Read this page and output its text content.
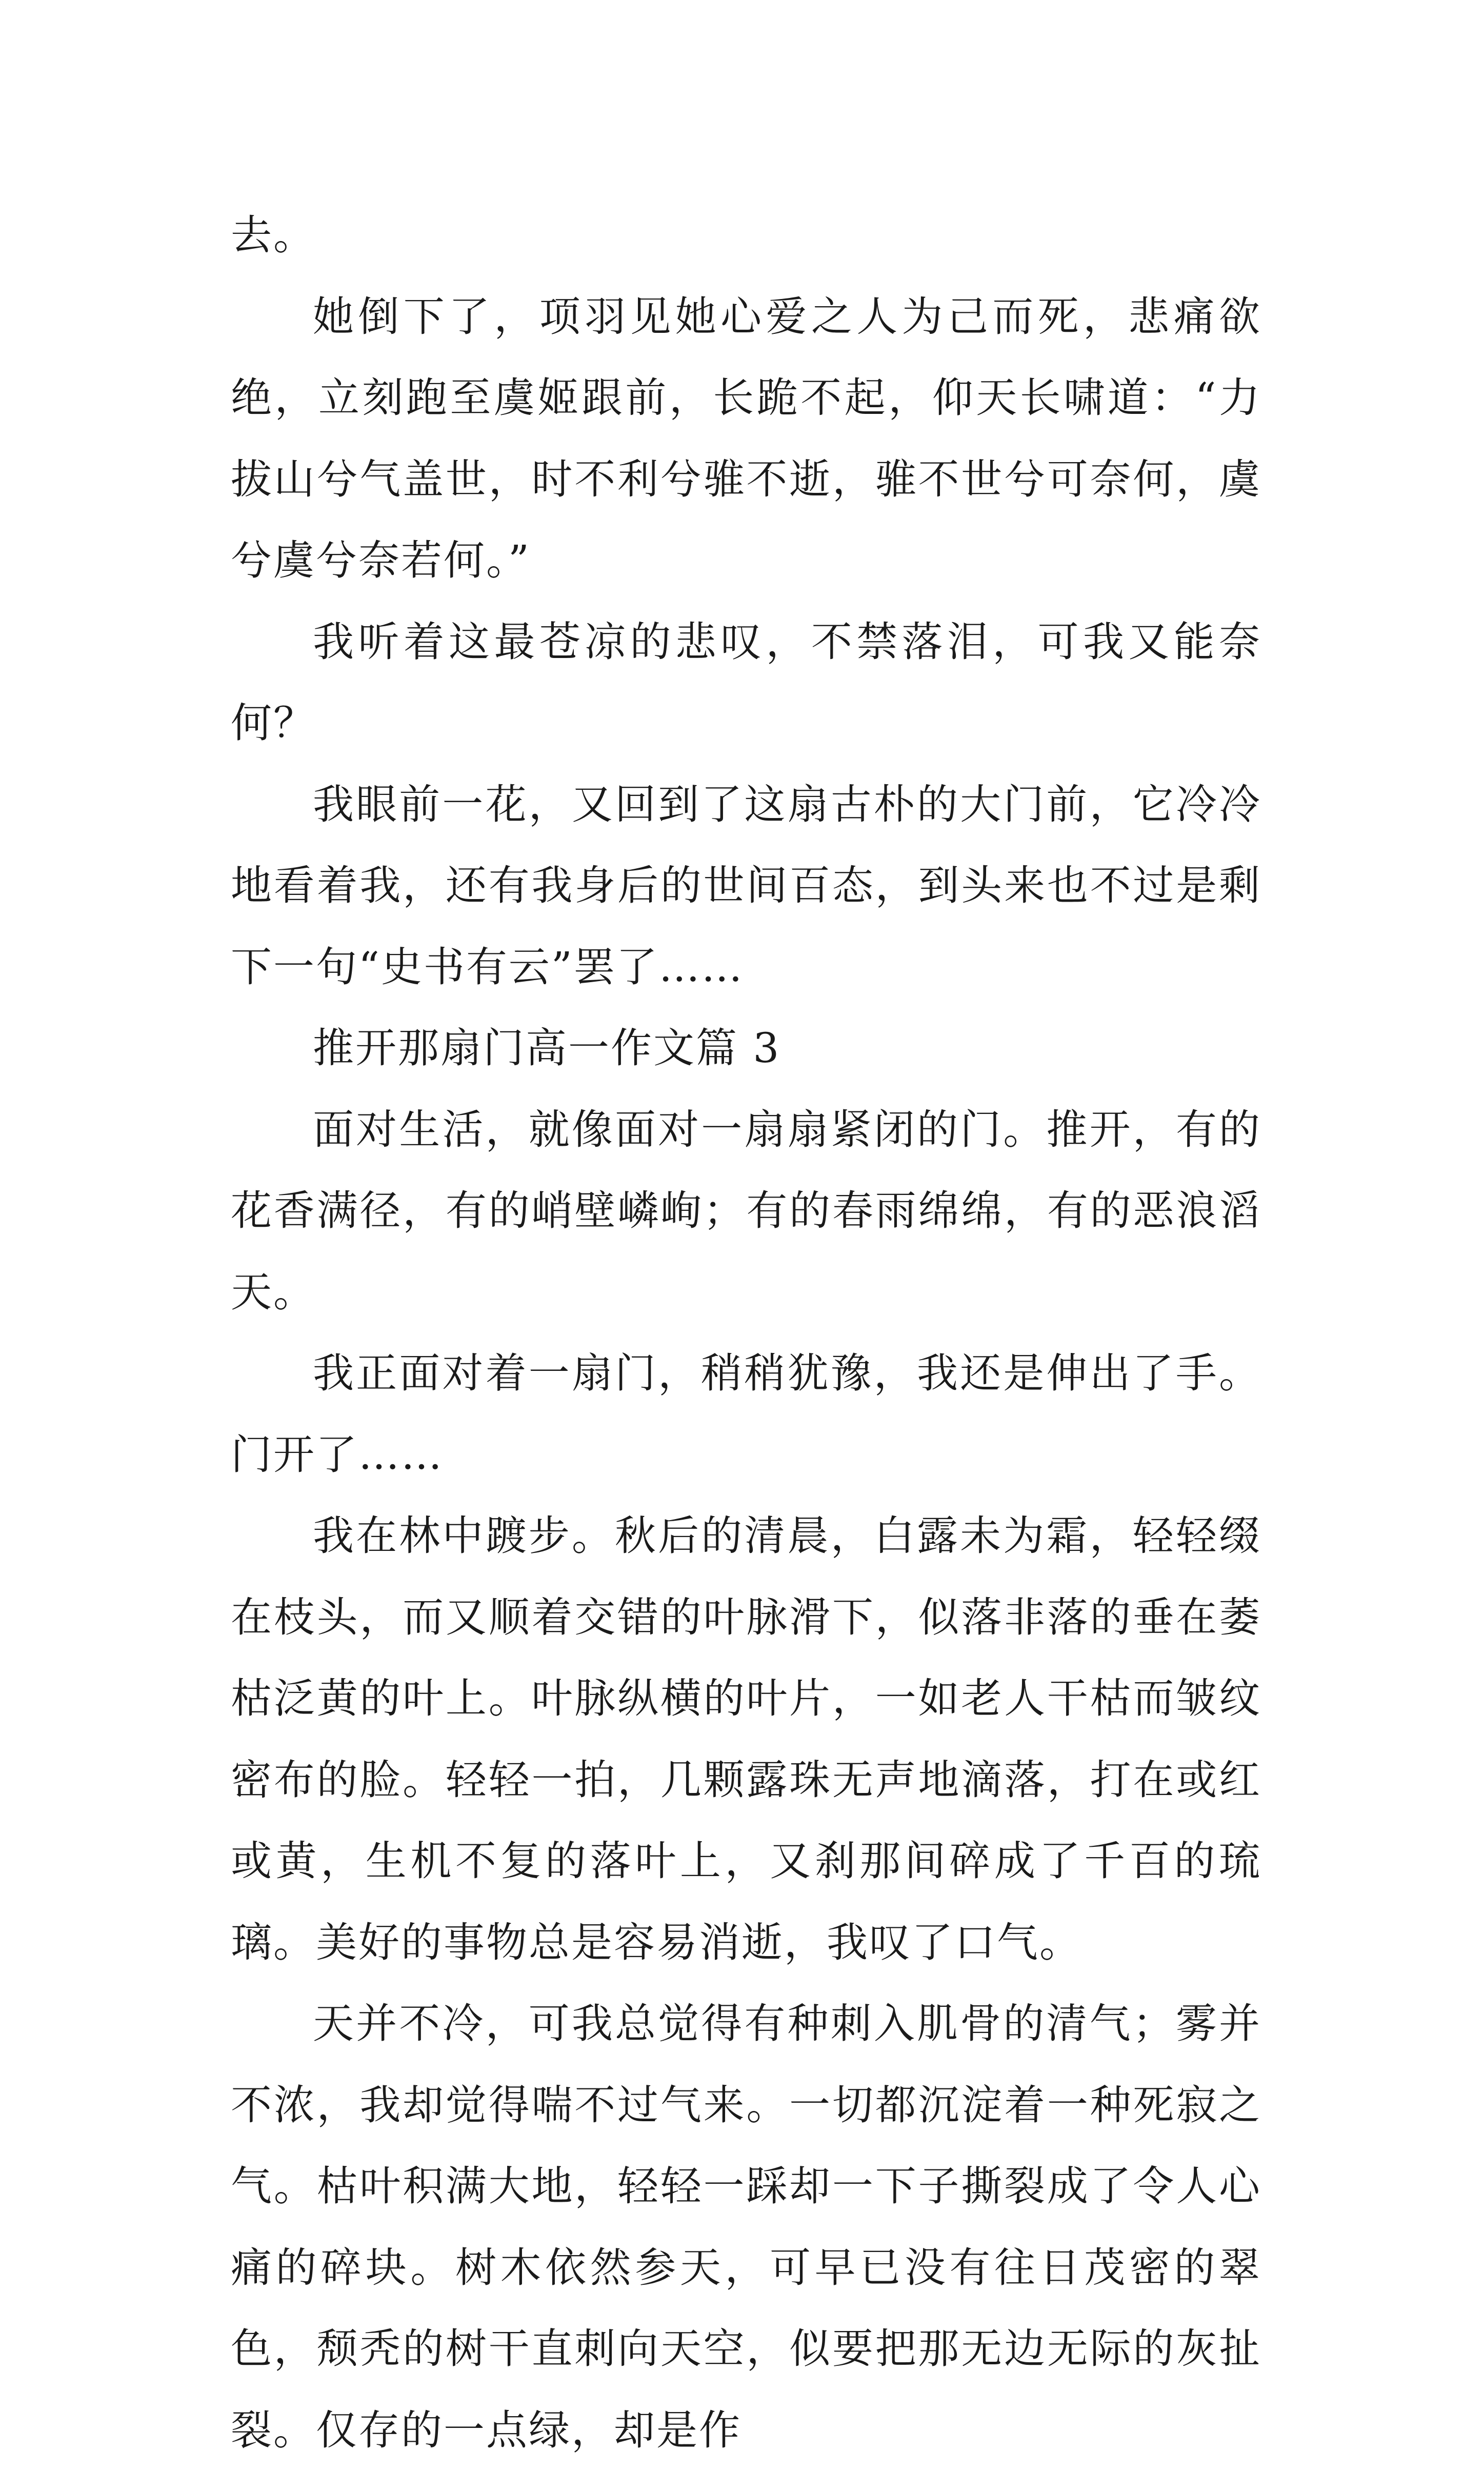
去。

她倒下了，项羽见她心爱之人为己而死，悲痛欲绝，立刻跑至虞姬跟前，长跪不起，仰天长啸道：“力拔山兮气盖世，时不利兮骓不逝，骓不世兮可奈何，虞兮虞兮奈若何。”

我听着这最苍凉的悲叹，不禁落泪，可我又能奈何？

我眼前一花，又回到了这扇古朴的大门前，它冷冷地看着我，还有我身后的世间百态，到头来也不过是剩下一句“史书有云”罢了……

推开那扇门高一作文篇 3

面对生活，就像面对一扇扇紧闭的门。推开，有的花香满径，有的峭壁嶙峋；有的春雨绵绵，有的恶浪滔天。

我正面对着一扇门，稍稍犹豫，我还是伸出了手。门开了……

我在林中踱步。秋后的清晨，白露未为霜，轻轻缀在枝头，而又顺着交错的叶脉滑下，似落非落的垂在萎枯泛黄的叶上。叶脉纵横的叶片，一如老人干枯而皱纹密布的脸。轻轻一拍，几颗露珠无声地滴落，打在或红或黄，生机不复的落叶上，又刹那间碎成了千百的琉璃。美好的事物总是容易消逝，我叹了口气。

天并不冷，可我总觉得有种刺入肌骨的清气；雾并不浓，我却觉得喘不过气来。一切都沉淀着一种死寂之气。枯叶积满大地，轻轻一踩却一下子撕裂成了令人心痛的碎块。树木依然参天，可早已没有往日茂密的翠色，颓秃的树干直刺向天空，似要把那无边无际的灰扯裂。仅存的一点绿，却是作
